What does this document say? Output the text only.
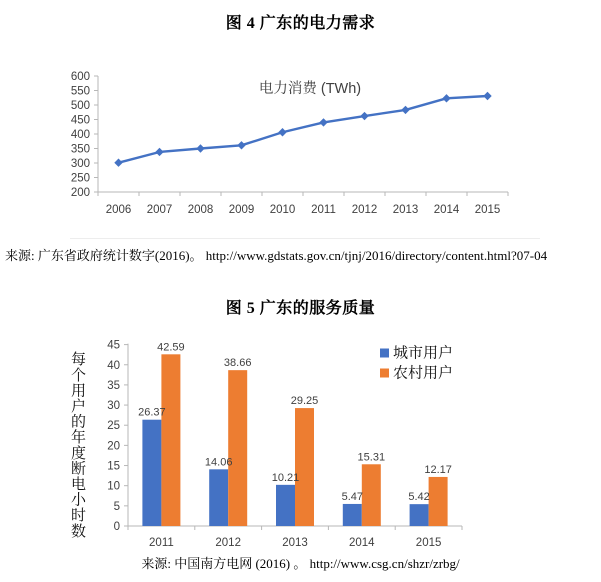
图 4 广东的电力需求
200
250
300
350
400
450
500
550
600
2006 2007 2008 2009 2010 2011 2012 2013 2014 2015
电力消费 (TWh)
来源: 广东省政府统计数字(2016)。 http://www.gdstats.gov.cn/tjnj/2016/directory/content.html?07-04
图 5 广东的服务质量
每个用户的年度断电小时数 0
5
10
15
20
25
30
35
40
45
2011	2012	2013	2014	2015
26.37
14.06
10.21
5.47	5.42
42.59
38.66
29.25
15.31
12.17
城市用户
农村用户
来源: 中国南方电网 (2016) 。 http://www.csg.cn/shzr/zrbg/
